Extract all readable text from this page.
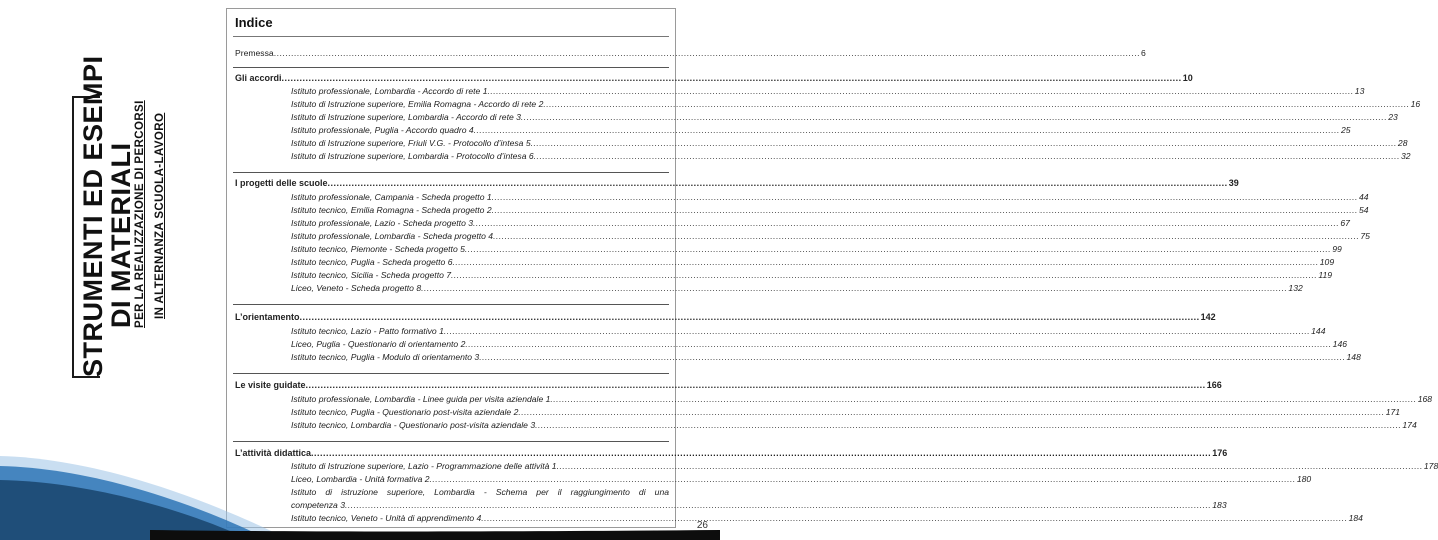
STRUMENTI ED ESEMPI
DI MATERIALI
PER LA REALIZZAZIONE DI PERCORSI IN ALTERNANZA SCUOLA-LAVORO
Indice
Premessa ............................................................................................................................................................................................................................................................................................................ 6
Gli accordi ............................................................................................................................................................................................................................................................................................................ 10
Istituto professionale, Lombardia - Accordo di rete 1 ............................................................................................................................................................................................................................................................................................................ 13
Istituto di Istruzione superiore, Emilia Romagna - Accordo di rete 2 ............................................................................................................................................................................................................................................................................................................ 16
Istituto di Istruzione superiore, Lombardia - Accordo di rete 3 ............................................................................................................................................................................................................................................................................................................ 23
Istituto professionale, Puglia - Accordo quadro 4 ............................................................................................................................................................................................................................................................................................................ 25
Istituto di Istruzione superiore, Friuli V.G. - Protocollo d’intesa 5 ............................................................................................................................................................................................................................................................................................................ 28
Istituto di Istruzione superiore, Lombardia - Protocollo d’intesa 6 ............................................................................................................................................................................................................................................................................................................ 32
I progetti delle scuole ............................................................................................................................................................................................................................................................................................................ 39
Istituto professionale, Campania - Scheda progetto 1 ............................................................................................................................................................................................................................................................................................................ 44
Istituto tecnico, Emilia Romagna - Scheda progetto 2 ............................................................................................................................................................................................................................................................................................................ 54
Istituto professionale, Lazio - Scheda progetto 3 ............................................................................................................................................................................................................................................................................................................ 67
Istituto professionale, Lombardia - Scheda progetto 4 ............................................................................................................................................................................................................................................................................................................ 75
Istituto tecnico, Piemonte - Scheda progetto 5 ............................................................................................................................................................................................................................................................................................................ 99
Istituto tecnico, Puglia - Scheda progetto 6 ............................................................................................................................................................................................................................................................................................................ 109
Istituto tecnico, Sicilia - Scheda progetto 7 ............................................................................................................................................................................................................................................................................................................ 119
Liceo, Veneto - Scheda progetto 8 ............................................................................................................................................................................................................................................................................................................ 132
L’orientamento ............................................................................................................................................................................................................................................................................................................ 142
Istituto tecnico, Lazio - Patto formativo 1 ............................................................................................................................................................................................................................................................................................................ 144
Liceo, Puglia - Questionario di orientamento 2 ............................................................................................................................................................................................................................................................................................................ 146
Istituto tecnico, Puglia - Modulo di orientamento 3 ............................................................................................................................................................................................................................................................................................................ 148
Le visite guidate ............................................................................................................................................................................................................................................................................................................ 166
Istituto professionale, Lombardia - Linee guida per visita aziendale 1 ............................................................................................................................................................................................................................................................................................................ 168
Istituto tecnico, Puglia - Questionario post-visita aziendale 2 ............................................................................................................................................................................................................................................................................................................ 171
Istituto tecnico, Lombardia - Questionario post-visita aziendale 3 ............................................................................................................................................................................................................................................................................................................ 174
L’attività didattica ............................................................................................................................................................................................................................................................................................................ 176
Istituto di Istruzione superiore, Lazio - Programmazione delle attività 1 ............................................................................................................................................................................................................................................................................................................ 178
Liceo, Lombardia - Unità formativa 2 ............................................................................................................................................................................................................................................................................................................ 180
Istituto di istruzione superiore, Lombardia - Schema per il raggiungimento di una
competenza 3 ............................................................................................................................................................................................................................................................................................................ 183
Istituto tecnico, Veneto - Unità di apprendimento 4 ............................................................................................................................................................................................................................................................................................................ 184
26
